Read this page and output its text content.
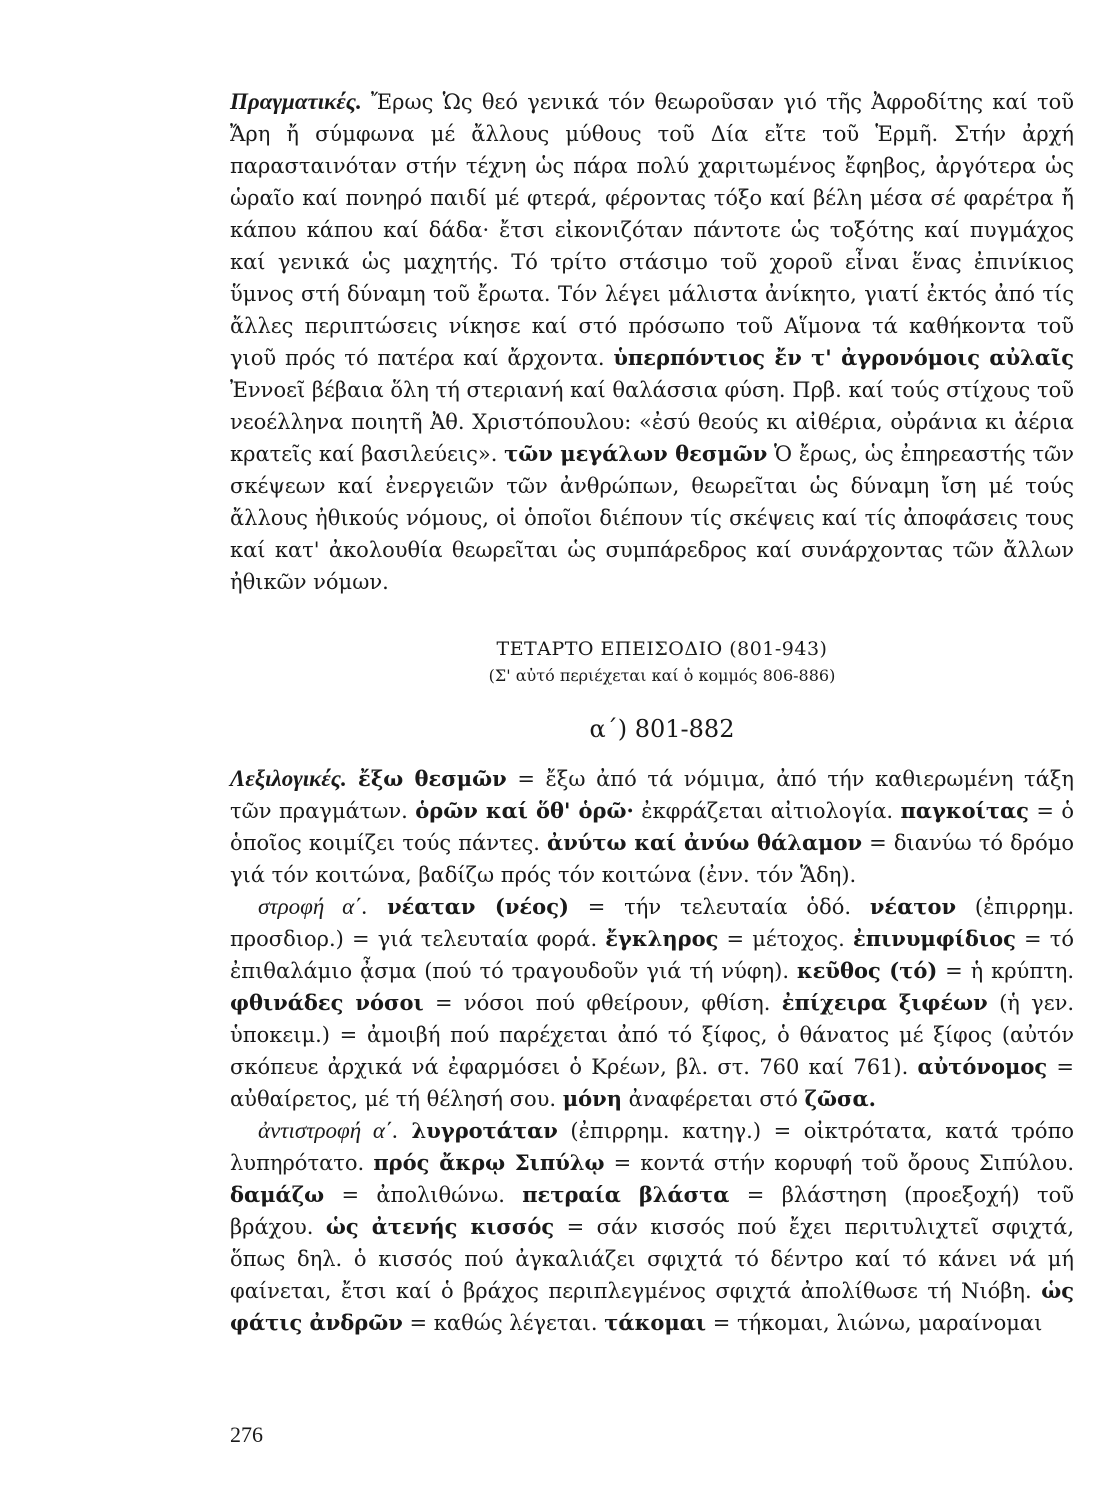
Πραγματικές. Ἔρως Ὡς θεό γενικά τόν θεωροῦσαν γιό τῆς Ἀφροδίτης καί τοῦ Ἄρη ἤ σύμφωνα μέ ἄλλους μύθους τοῦ Δία εἴτε τοῦ Ἑρμῆ. Στήν ἀρχή παρασταινόταν στήν τέχνη ὡς πάρα πολύ χαριτωμένος ἔφηβος, ἀργότερα ὡς ὡραῖο καί πονηρό παιδί μέ φτερά, φέροντας τόξο καί βέλη μέσα σέ φαρέτρα ἤ κάπου κάπου καί δάδα· ἔτσι εἰκονιζόταν πάντοτε ὡς τοξότης καί πυγμάχος καί γενικά ὡς μαχητής. Τό τρίτο στάσιμο τοῦ χοροῦ εἶναι ἕνας ἐπινίκιος ὕμνος στή δύναμη τοῦ ἔρωτα. Τόν λέγει μάλιστα ἀνίκητο, γιατί ἐκτός ἀπό τίς ἄλλες περιπτώσεις νίκησε καί στό πρόσωπο τοῦ Αἵμονα τά καθήκοντα τοῦ γιοῦ πρός τό πατέρα καί ἄρχοντα. ὑπερπόντιος ἔν τ' ἀγρονόμοις αὐλαῖς Ἐννοεῖ βέβαια ὅλη τή στεριανή καί θαλάσσια φύση. Πρβ. καί τούς στίχους τοῦ νεοέλληνα ποιητῆ Ἀθ. Χριστόπουλου: «ἐσύ θεούς κι αἰθέρια, οὐράνια κι ἀέρια κρατεῖς καί βασιλεύεις». τῶν μεγάλων θεσμῶν Ὁ ἔρως, ὡς ἐπηρεαστής τῶν σκέψεων καί ἐνεργειῶν τῶν ἀνθρώπων, θεωρεῖται ὡς δύναμη ἴση μέ τούς ἄλλους ἠθικούς νόμους, οἱ ὁποῖοι διέπουν τίς σκέψεις καί τίς ἀποφάσεις τους καί κατ' ἀκολουθία θεωρεῖται ὡς συμπάρεδρος καί συνάρχοντας τῶν ἄλλων ἠθικῶν νόμων.

ΤΕΤΑΡΤΟ ΕΠΕΙΣΟΔΙΟ (801-943)

(Σ' αὐτό περιέχεται καί ὁ κομμός 806-886)

α΄) 801-882

Λεξιλογικές. ἔξω θεσμῶν = ἔξω ἀπό τά νόμιμα, ἀπό τήν καθιερωμένη τάξη τῶν πραγμάτων. ὁρῶν καί ὅθ' ὁρῶ· ἐκφράζεται αἰτιολογία. παγκοίτας = ὁ ὁποῖος κοιμίζει τούς πάντες. ἀνύτω καί ἀνύω θάλαμον = διανύω τό δρόμο γιά τόν κοιτώνα, βαδίζω πρός τόν κοιτώνα (ἐνν. τόν Ἅδη).

στροφή α΄. νέαταν (νέος) = τήν τελευταία ὁδό. νέατον (ἐπιρρημ. προσδιορ.) = γιά τελευταία φορά. ἔγκληρος = μέτοχος. ἐπινυμφίδιος = τό ἐπιθαλάμιο ᾆσμα (πού τό τραγουδοῦν γιά τή νύφη). κεῦθος (τό) = ἡ κρύπτη. φθινάδες νόσοι = νόσοι πού φθείρουν, φθίση. ἐπίχειρα ξιφέων (ἡ γεν. ὑποκειμ.) = ἀμοιβή πού παρέχεται ἀπό τό ξίφος, ὁ θάνατος μέ ξίφος (αὐτόν σκόπευε ἀρχικά νά ἐφαρμόσει ὁ Κρέων, βλ. στ. 760 καί 761). αὐτόνομος = αὐθαίρετος, μέ τή θέλησή σου. μόνη ἀναφέρεται στό ζῶσα.

ἀντιστροφή α΄. λυγροτάταν (ἐπιρρημ. κατηγ.) = οἰκτρότατα, κατά τρόπο λυπηρότατο. πρός ἄκρῳ Σιπύλῳ = κοντά στήν κορυφή τοῦ ὄρους Σιπύλου. δαμάζω = ἀπολιθώνω. πετραία βλάστα = βλάστηση (προεξοχή) τοῦ βράχου. ὡς ἀτενής κισσός = σάν κισσός πού ἔχει περιτυλιχτεῖ σφιχτά, ὅπως δηλ. ὁ κισσός πού ἀγκαλιάζει σφιχτά τό δέντρο καί τό κάνει νά μή φαίνεται, ἔτσι καί ὁ βράχος περιπλεγμένος σφιχτά ἀπολίθωσε τή Νιόβη. ὡς φάτις ἀνδρῶν = καθώς λέγεται. τάκομαι = τήκομαι, λιώνω, μαραίνομαι

276
